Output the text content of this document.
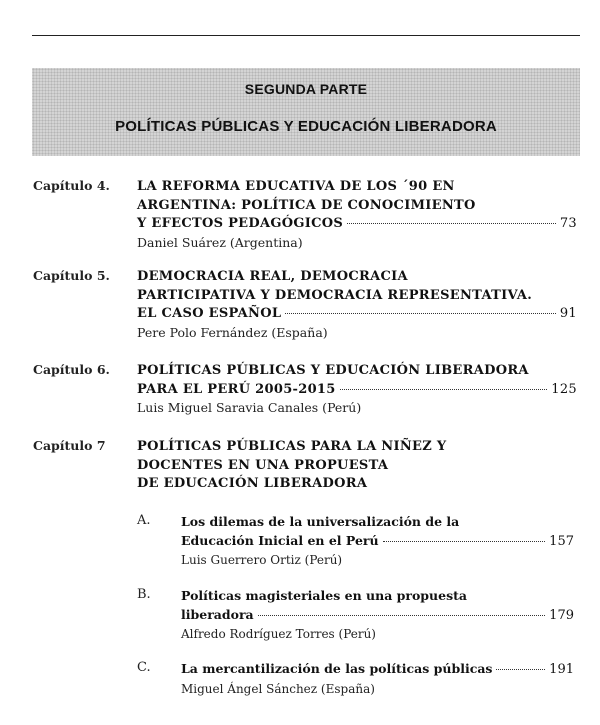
SEGUNDA PARTE
POLÍTICAS PÚBLICAS Y EDUCACIÓN LIBERADORA
Capítulo 4. LA REFORMA EDUCATIVA DE LOS ´90 EN
ARGENTINA: POLÍTICA DE CONOCIMIENTO
Y EFECTOS PEDAGÓGICOS	73
Daniel Suárez (Argentina)
Capítulo 5. DEMOCRACIA REAL, DEMOCRACIA
PARTICIPATIVA Y DEMOCRACIA REPRESENTATIVA.
EL CASO ESPAÑOL	91
Pere Polo Fernández (España)
Capítulo 6. POLÍTICAS PÚBLICAS Y EDUCACIÓN LIBERADORA
PARA EL PERÚ 2005-2015	125
Luis Miguel Saravia Canales (Perú)
Capítulo 7 POLÍTICAS PÚBLICAS PARA LA NIÑEZ Y
DOCENTES EN UNA PROPUESTA
DE EDUCACIÓN LIBERADORA
A. Los dilemas de la universalización de la
Educación Inicial en el Perú	157
Luis Guerrero Ortiz (Perú)
B. Políticas magisteriales en una propuesta
liberadora	179
Alfredo Rodríguez Torres (Perú)
C. La mercantilización de las políticas públicas	191
Miguel Ángel Sánchez (España)
